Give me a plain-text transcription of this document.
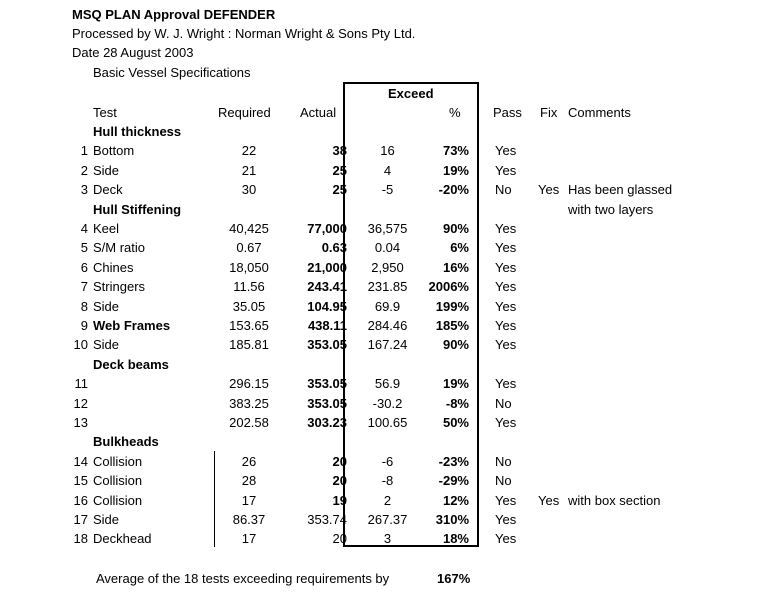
MSQ PLAN Approval DEFENDER
Processed by W. J. Wright : Norman Wright & Sons Pty Ltd.
Date 28 August 2003
Basic Vessel Specifications
Exceed
Test	Required Actual	% Pass Fix Comments
Hull thickness
1 Bottom	22	38	16	73% Yes
2 Side	21	25	4	19% Yes
3 Deck	30	25	-5	-20% No Yes Has been glassed
Hull Stiffening	with two layers
4 Keel	40,425	77,000	36,575	90% Yes
5 S/M ratio	0.67	0.63	0.04	6% Yes
6 Chines	18,050	21,000	2,950	16% Yes
7 Stringers	11.56	243.41	231.85	2006% Yes
8 Side	35.05	104.95	69.9	199% Yes
9 Web Frames	153.65	438.11	284.46	185% Yes
10 Side	185.81	353.05	167.24	90% Yes
Deck beams
11	296.15	353.05	56.9	19% Yes
12	383.25	353.05	-30.2	-8% No
13	202.58	303.23	100.65	50% Yes
Bulkheads
14 Collision	26	20	-6	-23% No
15 Collision	28	20	-8	-29% No
16 Collision	17	19	2	12% Yes Yes with box section
17 Side	86.37	353.74	267.37	310% Yes
18 Deckhead	17	20	3	18% Yes
Average of the 18 tests exceeding requirements by	167%
